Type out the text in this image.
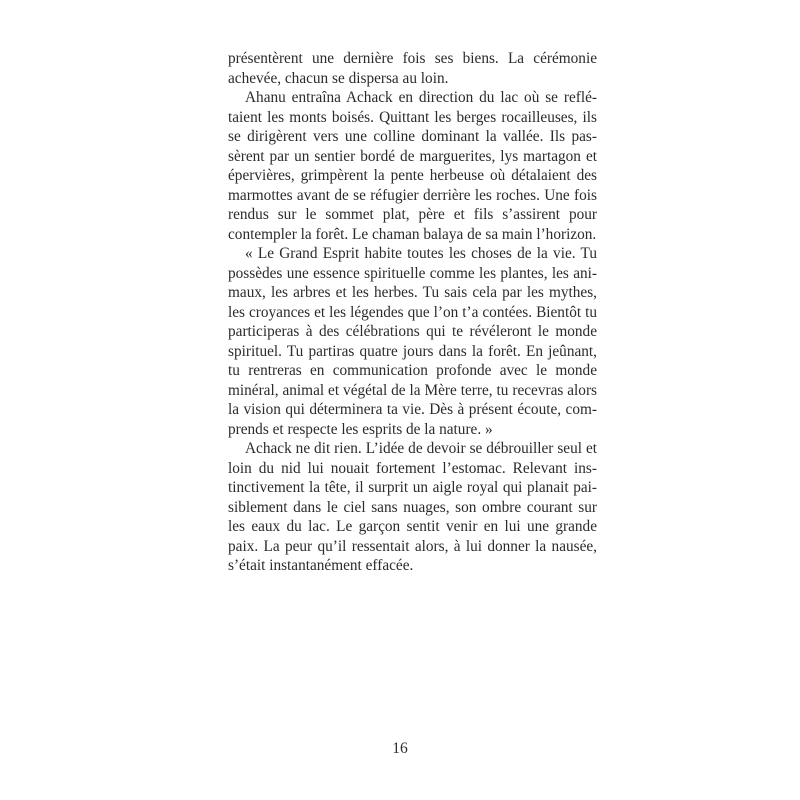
présentèrent une dernière fois ses biens. La cérémonie achevée, chacun se dispersa au loin.

Ahanu entraîna Achack en direction du lac où se reflétaient les monts boisés. Quittant les berges rocailleuses, ils se dirigèrent vers une colline dominant la vallée. Ils passèrent par un sentier bordé de marguerites, lys martagon et épervières, grimpèrent la pente herbeuse où détalaient des marmottes avant de se réfugier derrière les roches. Une fois rendus sur le sommet plat, père et fils s’assirent pour contempler la forêt. Le chaman balaya de sa main l’horizon.

« Le Grand Esprit habite toutes les choses de la vie. Tu possèdes une essence spirituelle comme les plantes, les animaux, les arbres et les herbes. Tu sais cela par les mythes, les croyances et les légendes que l’on t’a contées. Bientôt tu participeras à des célébrations qui te révéleront le monde spirituel. Tu partiras quatre jours dans la forêt. En jeûnant, tu rentreras en communication profonde avec le monde minéral, animal et végétal de la Mère terre, tu recevras alors la vision qui déterminera ta vie. Dès à présent écoute, comprends et respecte les esprits de la nature. »

Achack ne dit rien. L’idée de devoir se débrouiller seul et loin du nid lui nouait fortement l’estomac. Relevant instinctivement la tête, il surprit un aigle royal qui planait paisiblement dans le ciel sans nuages, son ombre courant sur les eaux du lac. Le garçon sentit venir en lui une grande paix. La peur qu’il ressentait alors, à lui donner la nausée, s’était instantanément effacée.

16
